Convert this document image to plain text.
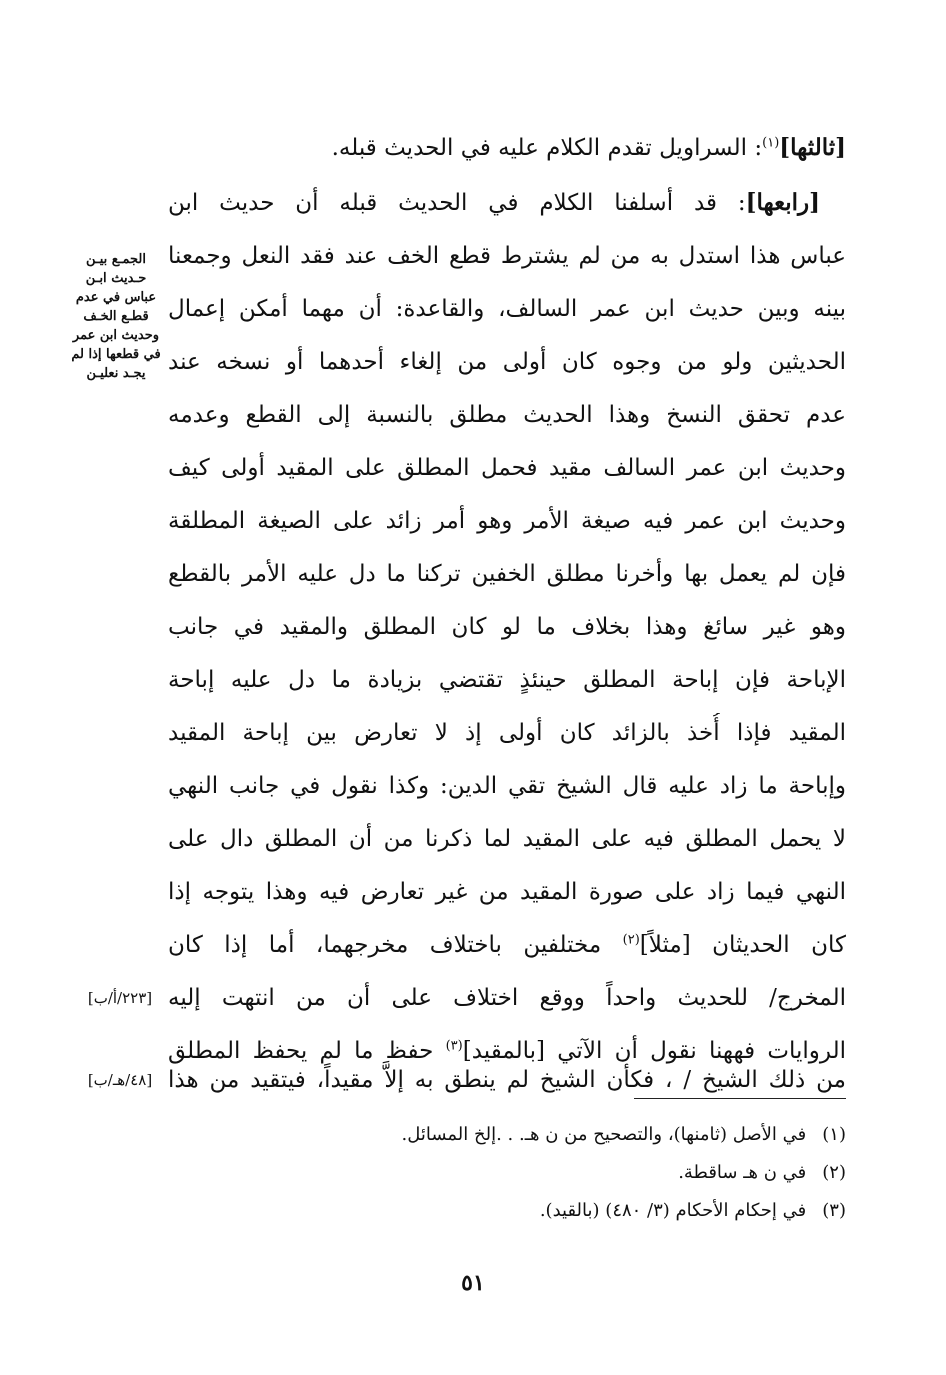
[ثالثها]$^{(١)}$: السراويل تقدم الكلام عليه في الحديث قبله.
[رابعها]: قد أسلفنا الكلام في الحديث قبله أن حديث ابن
عباس هذا استدل به من لم يشترط قطع الخف عند فقد النعل وجمعنا
بينه وبين حديث ابن عمر السالف، والقاعدة: أن مهما أمكن إعمال
الحديثين ولو من وجوه كان أولى من إلغاء أحدهما أو نسخه عند
عدم تحقق النسخ وهذا الحديث مطلق بالنسبة إلى القطع وعدمه
وحديث ابن عمر السالف مقيد فحمل المطلق على المقيد أولى كيف
وحديث ابن عمر فيه صيغة الأمر وهو أمر زائد على الصيغة المطلقة
فإن لم يعمل بها وأخرنا مطلق الخفين تركنا ما دل عليه الأمر بالقطع
وهو غير سائغ وهذا بخلاف ما لو كان المطلق والمقيد في جانب
الإباحة فإن إباحة المطلق حينئذٍ تقتضي بزيادة ما دل عليه إباحة
المقيد فإذا أُخذ بالزائد كان أولى إذ لا تعارض بين إباحة المقيد
وإباحة ما زاد عليه قال الشيخ تقي الدين: وكذا نقول في جانب النهي
لا يحمل المطلق فيه على المقيد لما ذكرنا من أن المطلق دال على
النهي فيما زاد على صورة المقيد من غير تعارض فيه وهذا يتوجه إذا
كان الحديثان [مثلاً]$^{(٢)}$ مختلفين باختلاف مخرجهما، أما إذا كان
المخرج/ للحديث واحداً ووقع اختلاف على أن من انتهت إليه
الروايات فههنا نقول أن الآتي [بالمقيد]$^{(٣)}$ حفظ ما لم يحفظ المطلق
من ذلك الشيخ / ، فكأن الشيخ لم ينطق به إلاَّ مقيداً، فيتقيد من هذا
الجمـع بيـن
حـديث ابـن
عباس في عدم
قطـع الخـف
وحديث ابن عمر
في قطعها إذا لم
يجـد نعليـن
[٢٢٣/أ/ب]
[٤٨/هـ/ب]
(١) في الأصل (ثامنها)، والتصحيح من ن هـ. . .إلخ المسائل.
(٢) في ن هـ ساقطة.
(٣) في إحكام الأحكام (٣/ ٤٨٠) (بالقيد).
٥١
